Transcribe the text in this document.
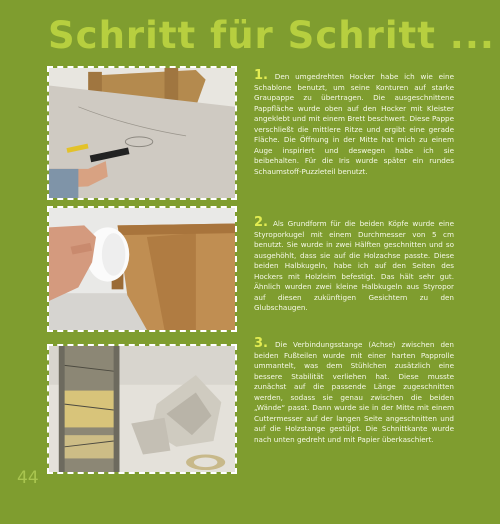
Schritt für Schritt ...

1. Den umgedrehten Hocker habe ich wie eine Schablone benutzt, um seine Konturen auf starke Graupappe zu übertragen. Die ausgeschnittene Pappfläche wurde oben auf den Hocker mit Kleister angeklebt und mit einem Brett beschwert. Diese Pappe verschließt die mittlere Ritze und ergibt eine gerade Fläche. Die Öffnung in der Mitte hat mich zu einem Auge inspiriert und deswegen habe ich sie beibehalten. Für die Iris wurde später ein rundes Schaumstoff-Puzzleteil benutzt.

2. Als Grundform für die beiden Köpfe wurde eine Styroporkugel mit einem Durchmesser von 5 cm benutzt. Sie wurde in zwei Hälften geschnitten und so ausgehöhlt, dass sie auf die Holzachse passte. Diese beiden Halbkugeln, habe ich auf den Seiten des Hockers mit Holzleim befestigt. Das hält sehr gut. Ähnlich wurden zwei kleine Halbkugeln aus Styropor auf diesen zukünftigen Gesichtern zu den Glubschaugen.

3. Die Verbindungsstange (Achse) zwischen den beiden Fußteilen wurde mit einer harten Papprolle ummantelt, was dem Stühlchen zusätzlich eine bessere Stabilität verliehen hat. Diese musste zunächst auf die passende Länge zugeschnitten werden, sodass sie genau zwischen die beiden „Wände“ passt. Dann wurde sie in der Mitte mit einem Cuttermesser auf der langen Seite angeschnitten und auf die Holzstange gestülpt. Die Schnittkante wurde nach unten gedreht und mit Papier überkaschiert.

44
